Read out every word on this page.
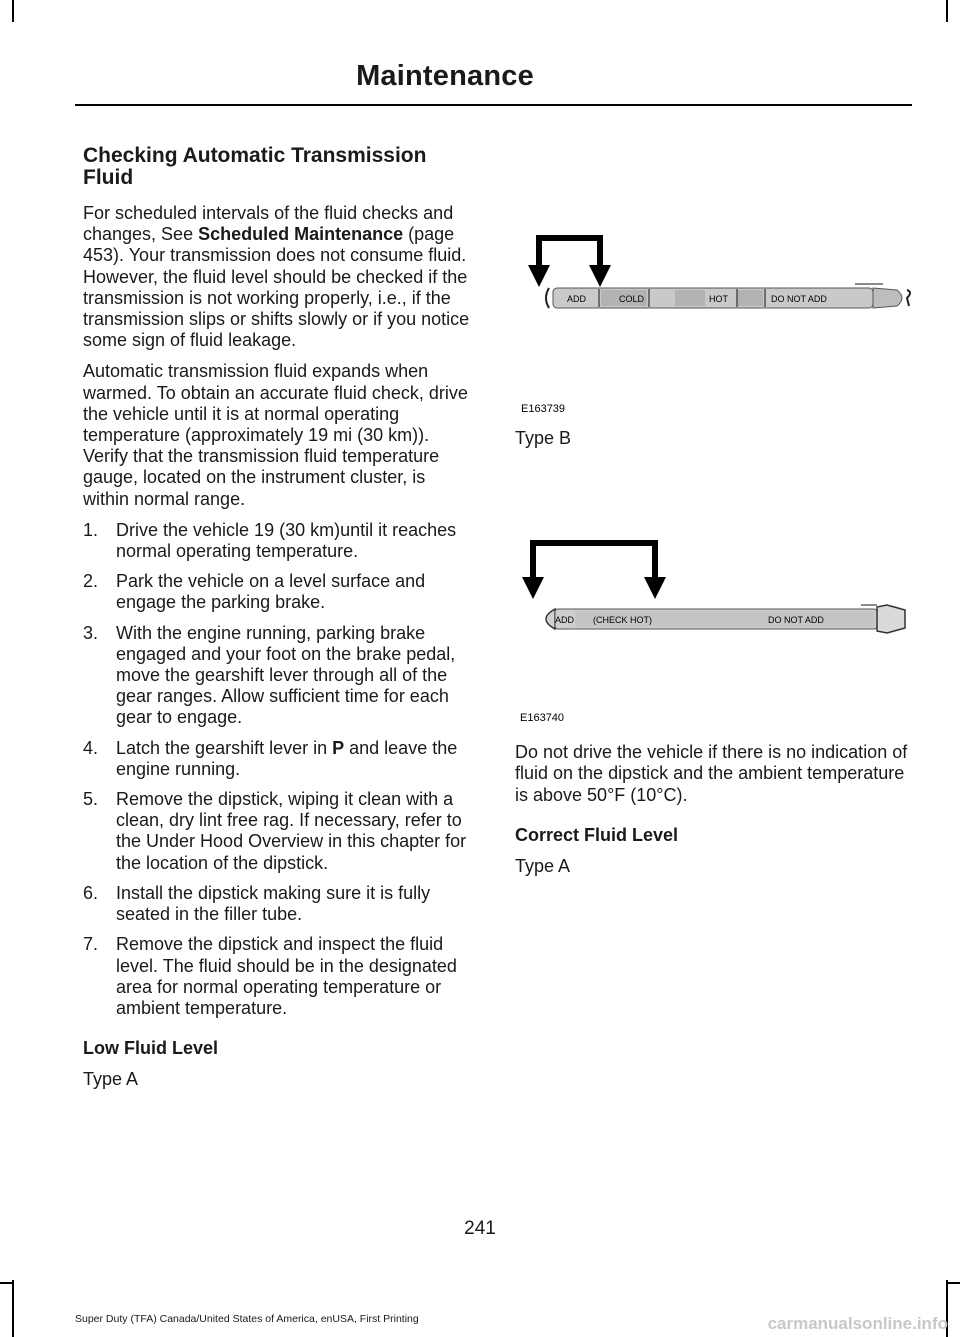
Maintenance
Checking Automatic Transmission Fluid

For scheduled intervals of the fluid checks and changes, See Scheduled Maintenance (page 453). Your transmission does not consume fluid. However, the fluid level should be checked if the transmission is not working properly, i.e., if the transmission slips or shifts slowly or if you notice some sign of fluid leakage.

Automatic transmission fluid expands when warmed. To obtain an accurate fluid check, drive the vehicle until it is at normal operating temperature (approximately 19 mi (30 km)). Verify that the transmission fluid temperature gauge, located on the instrument cluster, is within normal range.

1. Drive the vehicle 19 (30 km)until it reaches normal operating temperature.
2. Park the vehicle on a level surface and engage the parking brake.
3. With the engine running, parking brake engaged and your foot on the brake pedal, move the gearshift lever through all of the gear ranges. Allow sufficient time for each gear to engage.
4. Latch the gearshift lever in P and leave the engine running.
5. Remove the dipstick, wiping it clean with a clean, dry lint free rag. If necessary, refer to the Under Hood Overview in this chapter for the location of the dipstick.
6. Install the dipstick making sure it is fully seated in the filler tube.
7. Remove the dipstick and inspect the fluid level. The fluid should be in the designated area for normal operating temperature or ambient temperature.
Low Fluid Level

Type A

ADD	COLD	HOT	DO NOT ADD
E163739

Type B

ADD (CHECK HOT)	DO NOT ADD
E163740

Do not drive the vehicle if there is no indication of fluid on the dipstick and the ambient temperature is above 50°F (10°C).

Correct Fluid Level

Type A

241
Super Duty (TFA) Canada/United States of America, enUSA, First Printing	carmanualsonline.info
